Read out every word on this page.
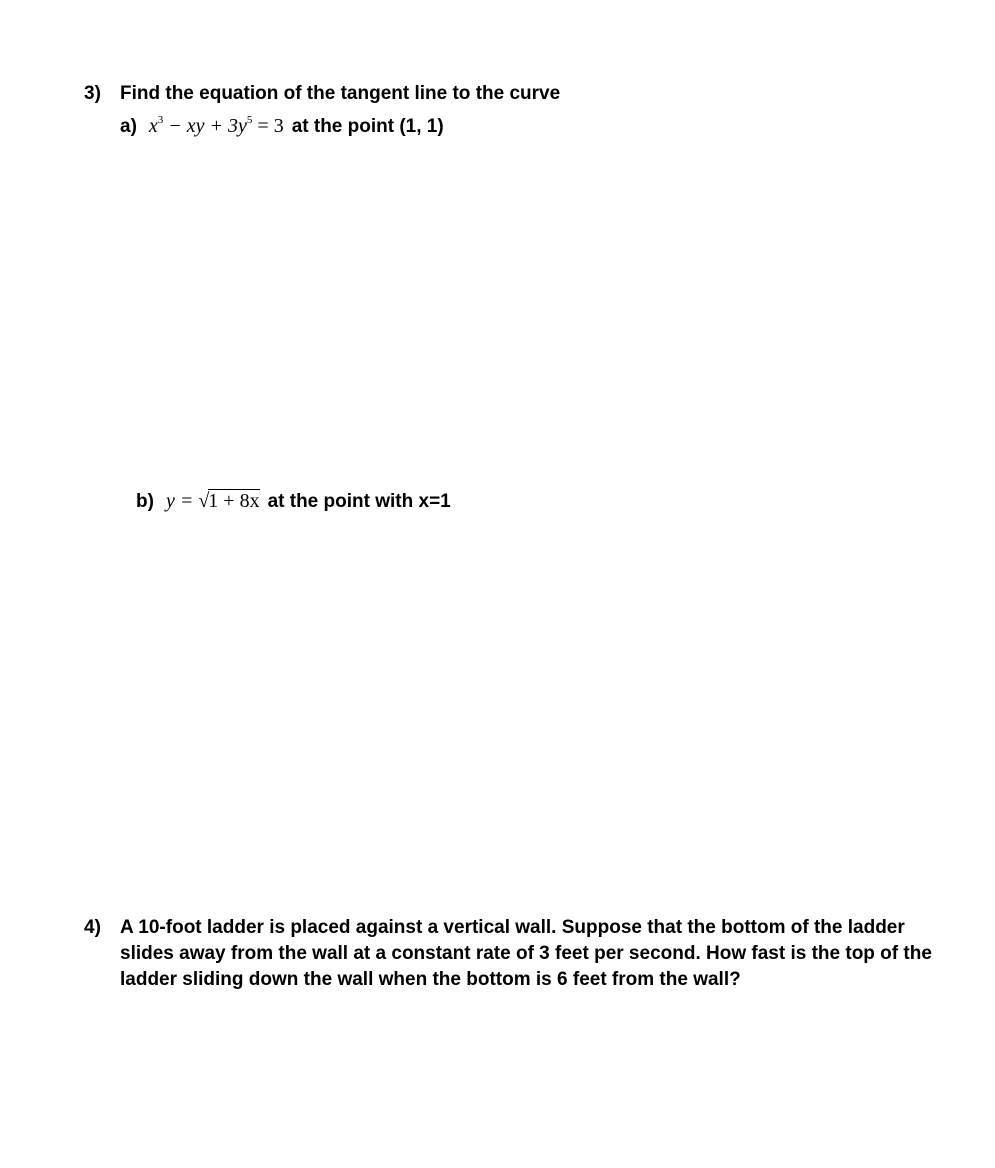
3) Find the equation of the tangent line to the curve
a) $x^3$ − xy + $3y^5 = 3$ at the point (1, 1)
b) y = √1 + 8x at the point with x=1
4) A 10-foot ladder is placed against a vertical wall. Suppose that the bottom of the ladder slides away from the wall at a constant rate of 3 feet per second. How fast is the top of the ladder sliding down the wall when the bottom is 6 feet from the wall?
